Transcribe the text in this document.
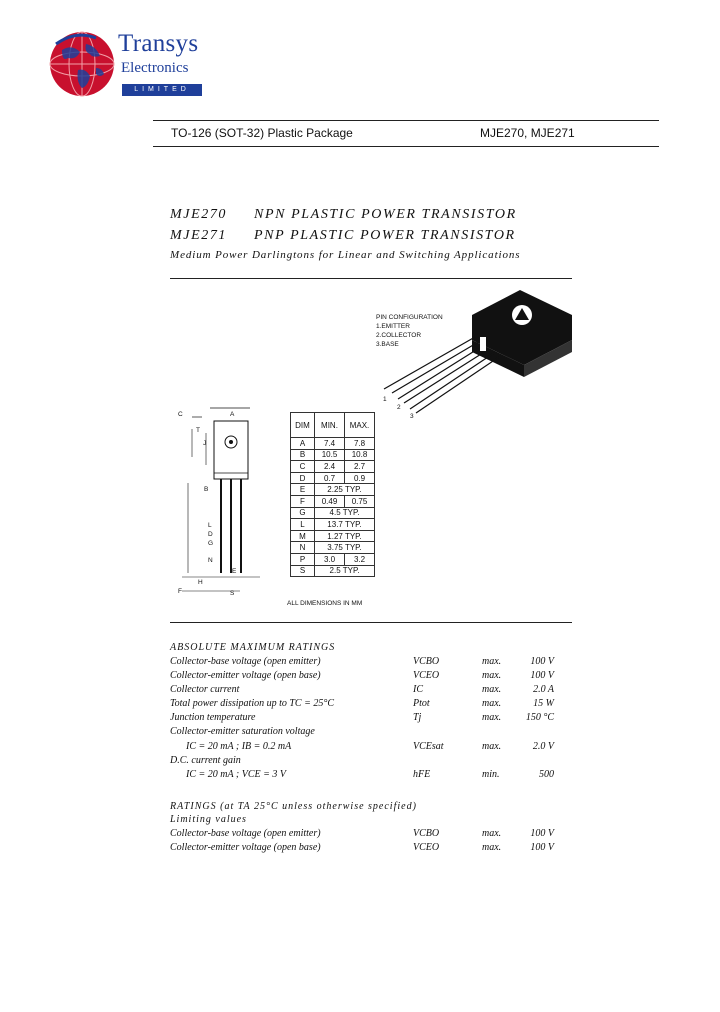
Transys
Electronics
LIMITED
TO-126 (SOT-32) Plastic Package	MJE270, MJE271
MJE270 NPN PLASTIC POWER TRANSISTOR
MJE271 PNP PLASTIC POWER TRANSISTOR
Medium Power Darlingtons for Linear and Switching Applications
PIN CONFIGURATION
1.EMITTER
2.COLLECTOR
3.BASE
1
2
3
C	A
T
J
B
L
D
G
N
E
H
F	S
DIM	MIN.	MAX.
A	7.4	7.8
B	10.5	10.8
C	2.4	2.7
D	0.7	0.9
E	2.25 TYP.	
F	0.49	0.75
G	4.5 TYP.	
L	13.7 TYP.	
M	1.27 TYP.	
N	3.75 TYP.	
P	3.0	3.2
S	2.5 TYP.	
ALL DIMENSIONS IN MM
ABSOLUTE MAXIMUM RATINGS
Collector-base voltage (open emitter)	VCBO	max.	100 V
Collector-emitter voltage (open base)	VCEO	max.	100 V
Collector current	IC	max.	2.0 A
Total power dissipation up to TC = 25°C	Ptot	max.	15 W
Junction temperature	Tj	max.	150 °C
Collector-emitter saturation voltage
IC = 20 mA ; IB = 0.2 mA	VCEsat	max.	2.0 V
D.C. current gain
IC = 20 mA ; VCE = 3 V	hFE	min.	500
RATINGS (at TA 25°C unless otherwise specified)
Limiting values
Collector-base voltage (open emitter)	VCBO	max.	100 V
Collector-emitter voltage (open base)	VCEO	max.	100 V
